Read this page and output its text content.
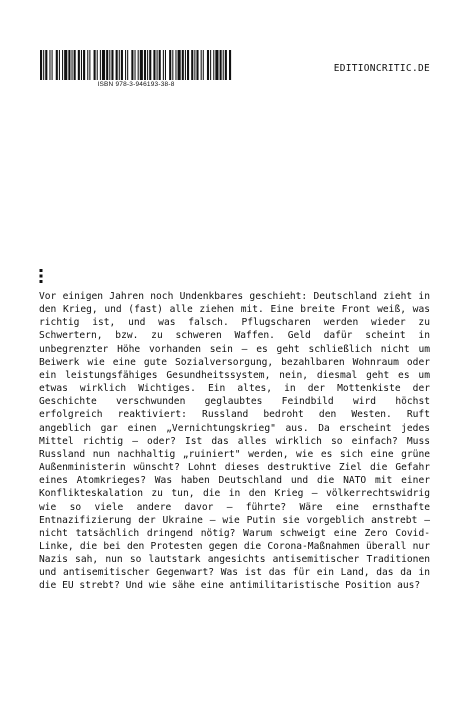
ISBN 978-3-946193-38-8
EDITIONCRITIC.DE

Vor einigen Jahren noch Undenkbares geschieht: Deutschland zieht in den Krieg, und (fast) alle ziehen mit. Eine breite Front weiß, was richtig ist, und was falsch. Pflugscharen werden wieder zu Schwertern, bzw. zu schweren Waffen. Geld dafür scheint in unbegrenzter Höhe vorhanden sein – es geht schließlich nicht um Beiwerk wie eine gute Sozialversorgung, bezahlbaren Wohnraum oder ein leistungsfähiges Gesundheitssystem, nein, diesmal geht es um etwas wirklich Wichtiges. Ein altes, in der Mottenkiste der Geschichte verschwunden geglaubtes Feindbild wird höchst erfolgreich reaktiviert: Russland bedroht den Westen. Ruft angeblich gar einen „Vernichtungskrieg" aus. Da erscheint jedes Mittel richtig – oder? Ist das alles wirklich so einfach? Muss Russland nun nachhaltig „ruiniert" werden, wie es sich eine grüne Außenministerin wünscht? Lohnt dieses destruktive Ziel die Gefahr eines Atomkrieges? Was haben Deutschland und die NATO mit einer Konflikteskalation zu tun, die in den Krieg – völkerrechtswidrig wie so viele andere davor – führte? Wäre eine ernsthafte Entnazifizierung der Ukraine – wie Putin sie vorgeblich anstrebt – nicht tatsächlich dringend nötig? Warum schweigt eine Zero Covid-Linke, die bei den Protesten gegen die Corona-Maßnahmen überall nur Nazis sah, nun so lautstark angesichts antisemitischer Traditionen und antisemitischer Gegenwart? Was ist das für ein Land, das da in die EU strebt? Und wie sähe eine antimilitaristische Position aus?
